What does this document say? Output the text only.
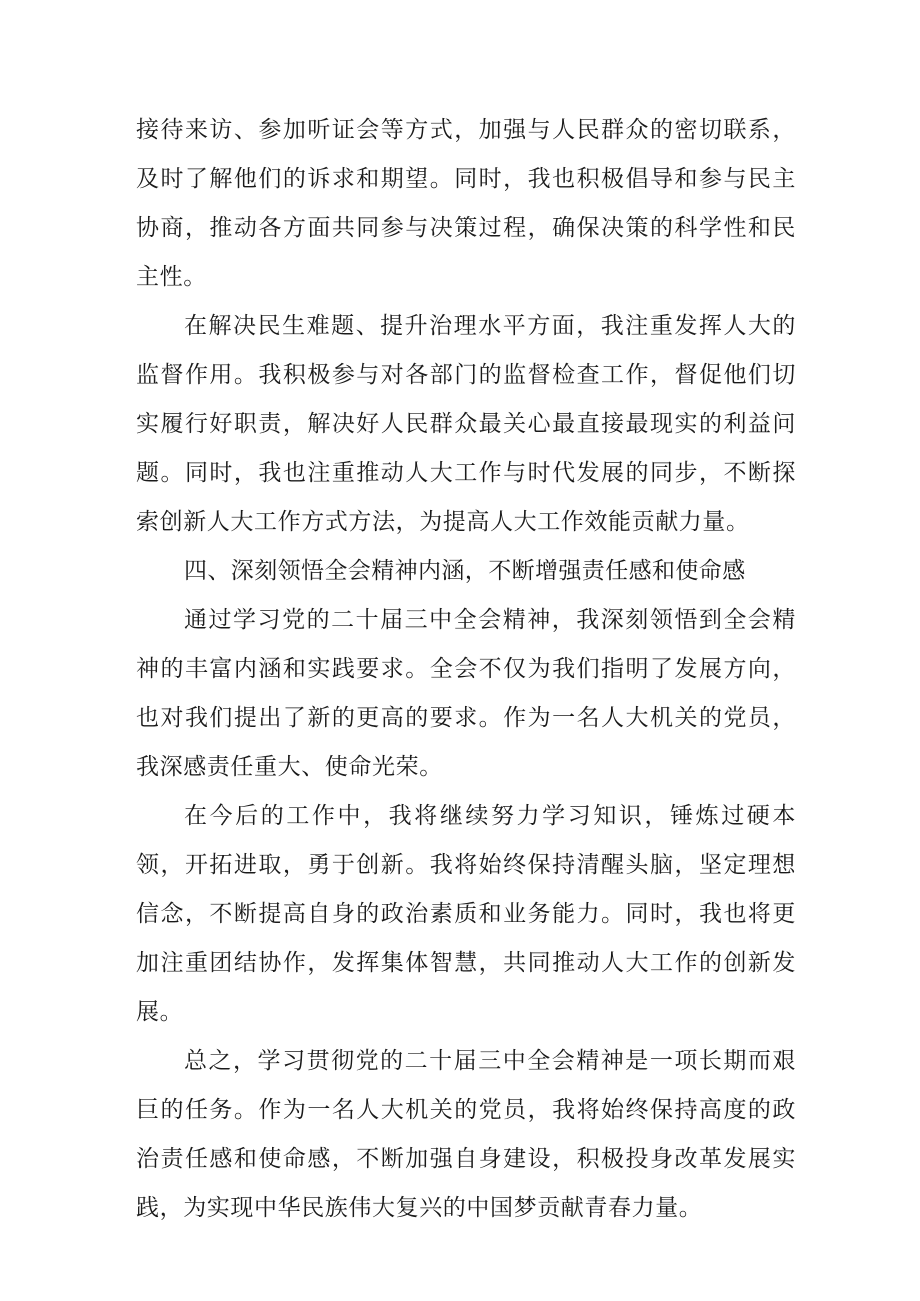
接待来访、参加听证会等方式，加强与人民群众的密切联系，及时了解他们的诉求和期望。同时，我也积极倡导和参与民主协商，推动各方面共同参与决策过程，确保决策的科学性和民主性。

在解决民生难题、提升治理水平方面，我注重发挥人大的监督作用。我积极参与对各部门的监督检查工作，督促他们切实履行好职责，解决好人民群众最关心最直接最现实的利益问题。同时，我也注重推动人大工作与时代发展的同步，不断探索创新人大工作方式方法，为提高人大工作效能贡献力量。

四、深刻领悟全会精神内涵，不断增强责任感和使命感

通过学习党的二十届三中全会精神，我深刻领悟到全会精神的丰富内涵和实践要求。全会不仅为我们指明了发展方向，也对我们提出了新的更高的要求。作为一名人大机关的党员，我深感责任重大、使命光荣。

在今后的工作中，我将继续努力学习知识，锤炼过硬本领，开拓进取，勇于创新。我将始终保持清醒头脑，坚定理想信念，不断提高自身的政治素质和业务能力。同时，我也将更加注重团结协作，发挥集体智慧，共同推动人大工作的创新发展。

总之，学习贯彻党的二十届三中全会精神是一项长期而艰巨的任务。作为一名人大机关的党员，我将始终保持高度的政治责任感和使命感，不断加强自身建设，积极投身改革发展实践，为实现中华民族伟大复兴的中国梦贡献青春力量。
